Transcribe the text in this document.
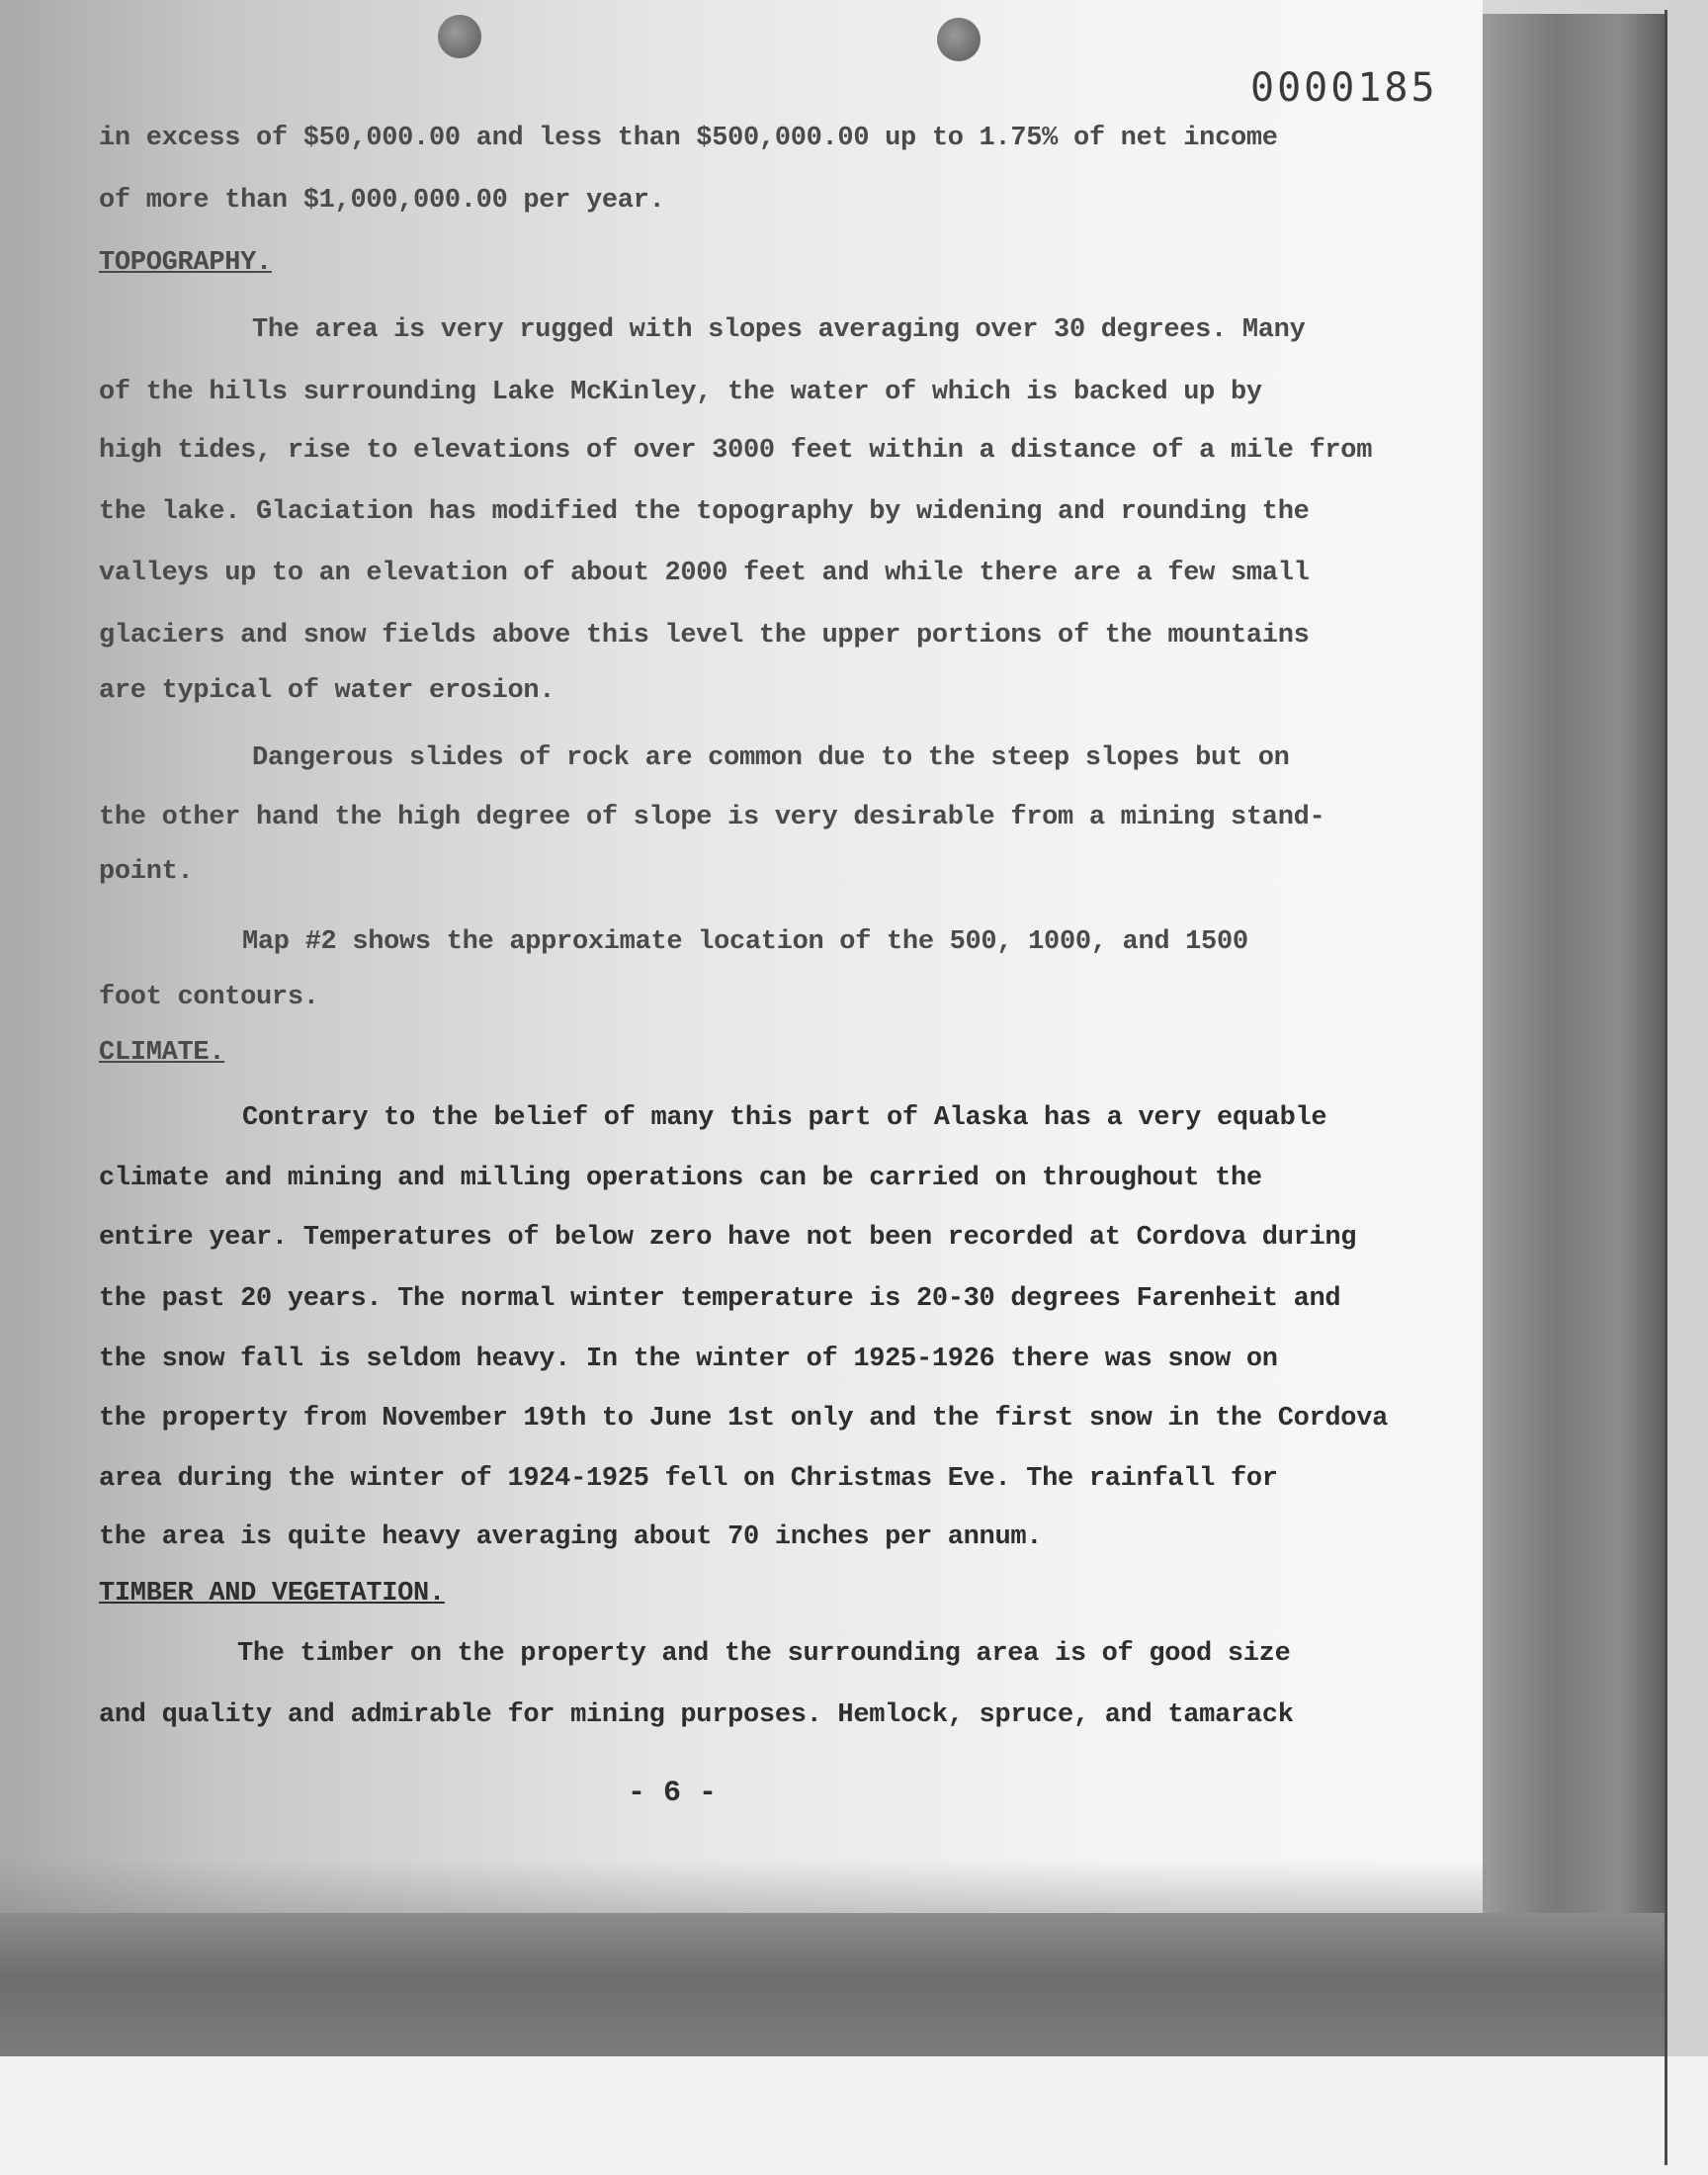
0000185
in excess of $50,000.00 and less than $500,000.00 up to 1.75% of net income
of more than $1,000,000.00 per year.
TOPOGRAPHY.
The area is very rugged with slopes averaging over 30 degrees. Many
of the hills surrounding Lake McKinley, the water of which is backed up by
high tides, rise to elevations of over 3000 feet within a distance of a mile from
the lake. Glaciation has modified the topography by widening and rounding the
valleys up to an elevation of about 2000 feet and while there are a few small
glaciers and snow fields above this level the upper portions of the mountains
are typical of water erosion.
Dangerous slides of rock are common due to the steep slopes but on
the other hand the high degree of slope is very desirable from a mining stand-
point.
Map #2 shows the approximate location of the 500, 1000, and 1500
foot contours.
CLIMATE.
Contrary to the belief of many this part of Alaska has a very equable
climate and mining and milling operations can be carried on throughout the
entire year. Temperatures of below zero have not been recorded at Cordova during
the past 20 years. The normal winter temperature is 20-30 degrees Farenheit and
the snow fall is seldom heavy. In the winter of 1925-1926 there was snow on
the property from November 19th to June 1st only and the first snow in the Cordova
area during the winter of 1924-1925 fell on Christmas Eve. The rainfall for
the area is quite heavy averaging about 70 inches per annum.
TIMBER AND VEGETATION.
The timber on the property and the surrounding area is of good size
and quality and admirable for mining purposes. Hemlock, spruce, and tamarack
- 6 -
